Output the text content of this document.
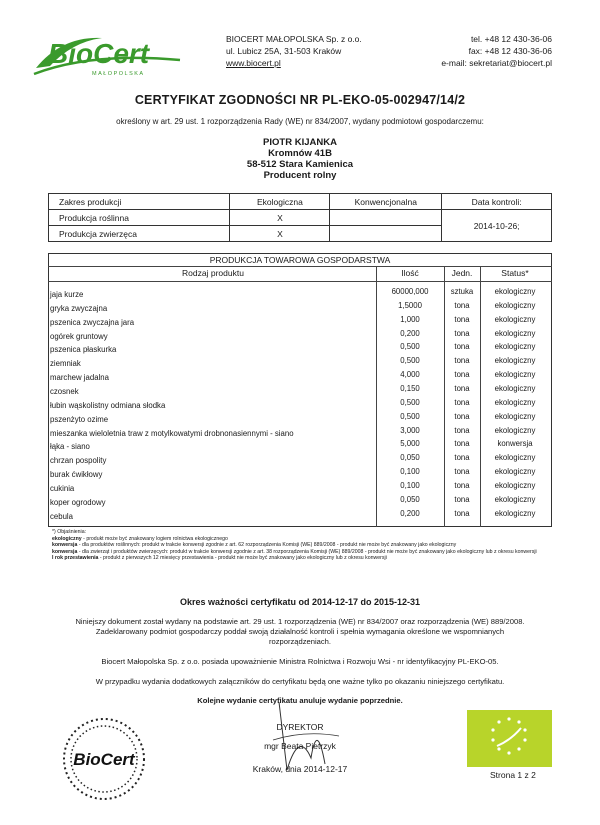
BioCert
MAŁOPOLSKA
BIOCERT MAŁOPOLSKA Sp. z o.o.
ul. Lubicz 25A, 31-503 Kraków
www.biocert.pl
tel. +48 12 430-36-06
fax: +48 12 430-36-06
e-mail: sekretariat@biocert.pl
CERTYFIKAT ZGODNOŚCI NR PL-EKO-05-002947/14/2
określony w art. 29 ust. 1 rozporządzenia Rady (WE) nr 834/2007, wydany podmiotowi gospodarczemu:
PIOTR KIJANKA
Kromnów 41B
58-512 Stara Kamienica
Producent rolny
Zakres produkcji	Ekologiczna	Konwencjonalna	Data kontroli:
Produkcja roślinna	X		2014-10-26;
Produkcja zwierzęca	X		
PRODUKCJA TOWAROWA GOSPODARSTWA
Rodzaj produktu	Ilość	Jedn.	Status*
jaja kurze	60000,000	sztuka	ekologiczny
gryka zwyczajna	1,5000	tona	ekologiczny
pszenica zwyczajna jara	1,000	tona	ekologiczny
ogórek gruntowy	0,200	tona	ekologiczny
pszenica płaskurka	0,500	tona	ekologiczny
ziemniak	0,500	tona	ekologiczny
marchew jadalna	4,000	tona	ekologiczny
czosnek	0,150	tona	ekologiczny
łubin wąskolistny odmiana słodka	0,500	tona	ekologiczny
pszenżyto ozime	0,500	tona	ekologiczny
mieszanka wieloletnia traw z motylkowatymi drobnonasiennymi - siano	3,000	tona	ekologiczny
łąka - siano	5,000	tona	konwersja
chrzan pospolity	0,050	tona	ekologiczny
burak ćwikłowy	0,100	tona	ekologiczny
cukinia	0,100	tona	ekologiczny
koper ogrodowy	0,050	tona	ekologiczny
cebula	0,200	tona	ekologiczny
*) Objaśnienia:
ekologiczny - produkt może być znakowany logiem rolnictwa ekologicznego
konwersja - dla produktów roślinnych: produkt w trakcie konwersji zgodnie z art. 62 rozporządzenia Komisji (WE) 889/2008 - produkt nie może być znakowany jako ekologiczny
konwersja - dla zwierząt i produktów zwierzęcych: produkt w trakcie konwersji zgodnie z art. 38 rozporządzenia Komisji (WE) 889/2008 - produkt nie może być znakowany jako ekologiczny lub z okresu konwersji
I rok przestawienia - produkt z pierwszych 12 miesięcy przestawienia - produkt nie może być znakowany jako ekologiczny lub z okresu konwersji
Okres ważności certyfikatu od 2014-12-17 do 2015-12-31
Niniejszy dokument został wydany na podstawie art. 29 ust. 1 rozporządzenia (WE) nr 834/2007 oraz rozporządzenia (WE) 889/2008. Zadeklarowany podmiot gospodarczy poddał swoją działalność kontroli i spełnia wymagania określone we wspomnianych rozporządzeniach.
Biocert Małopolska Sp. z o.o. posiada upoważnienie Ministra Rolnictwa i Rozwoju Wsi - nr identyfikacyjny PL-EKO-05.
W przypadku wydania dodatkowych załączników do certyfikatu będą one ważne tylko po okazaniu niniejszego certyfikatu.
Kolejne wydanie certyfikatu anuluje wydanie poprzednie.
BioCert
DYREKTOR
mgr Beata Pietrzyk
Kraków, dnia 2014-12-17
Strona 1 z 2
